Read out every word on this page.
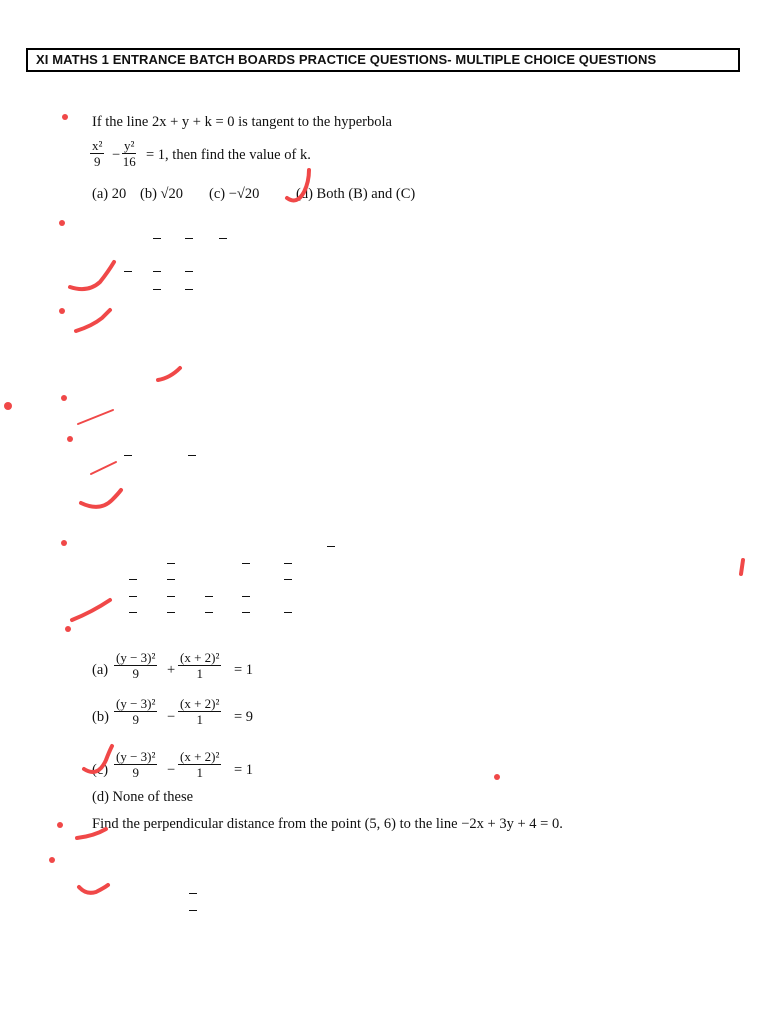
XI MATHS 1 ENTRANCE BATCH BOARDS PRACTICE QUESTIONS- MULTIPLE CHOICE QUESTIONS
If the line 2x + y + k = 0 is tangent to the hyperbola
x²
9 −
y²
16 = 1, then find the value of k.
(a) 20 (b) √20 (c) −√20	(d) Both (B) and (C)
(a)
(y − 3)²
9	+
(x + 2)²
1	= 1
(b)
(y − 3)²
9	−
(x + 2)²
1	= 9
(c)
(y − 3)²
9	−
(x + 2)²
1	= 1
(d) None of these
Find the perpendicular distance from the point (5, 6) to the line −2x + 3y + 4 = 0.
